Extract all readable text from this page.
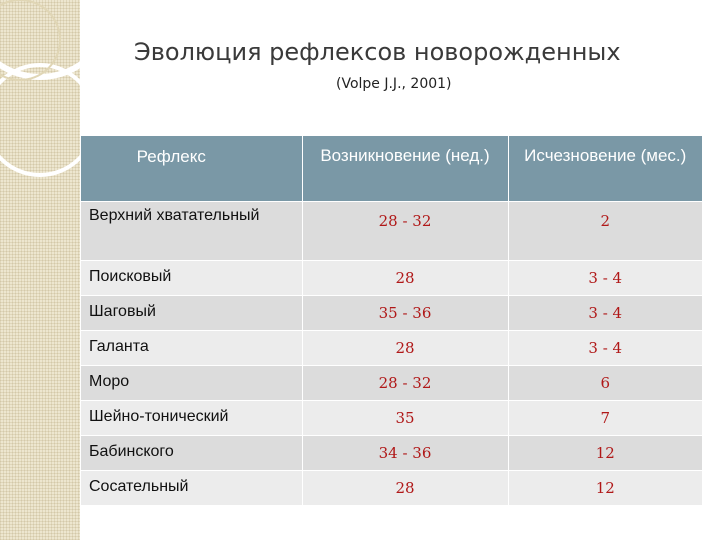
Эволюция рефлексов новорожденных
(Volpe J.J., 2001)
Рефлекс	Возникновение (нед.)	Исчезновение (мес.)
Верхний хватательный	28 - 32	2
Поисковый	28	3 - 4
Шаговый	35 - 36	3 - 4
Галанта	28	3 - 4
Моро	28 - 32	6
Шейно-тонический	35	7
Бабинского	34 - 36	12
Сосательный	28	12
